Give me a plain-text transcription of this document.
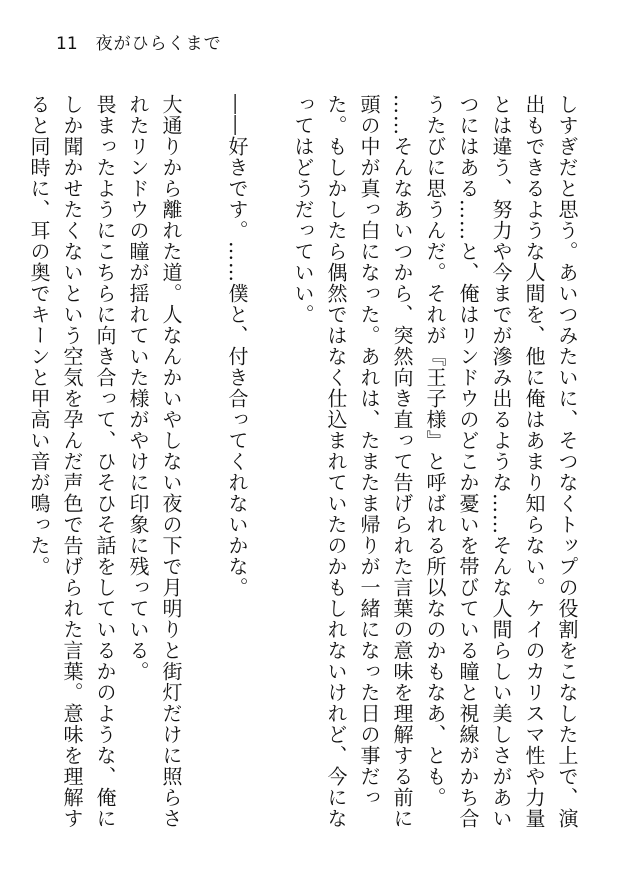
11 夜がひらくまで

しすぎだと思う。あいつみたいに、そつなくトップの役割をこなした上で、演出もできるような人間を、他に俺はあまり知らない。ケイのカリスマ性や力量とは違う、努力や今までが滲み出るような……そんな人間らしい美しさがあいつにはある……と、俺はリンドウのどこか憂いを帯びている瞳と視線がかち合うたびに思うんだ。それが『王子様』と呼ばれる所以なのかもなあ、とも。

……そんなあいつから、突然向き直って告げられた言葉の意味を理解する前に頭の中が真っ白になった。あれは、たまたま帰りが一緒になった日の事だった。もしかしたら偶然ではなく仕込まれていたのかもしれないけれど、今になってはどうだっていい。

――好きです。……僕と、付き合ってくれないかな。

大通りから離れた道。人なんかいやしない夜の下で月明りと街灯だけに照らされたリンドウの瞳が揺れていた様がやけに印象に残っている。

畏まったようにこちらに向き合って、ひそひそ話をしているかのような、俺にしか聞かせたくないという空気を孕んだ声色で告げられた言葉。意味を理解すると同時に、耳の奥でキーンと甲高い音が鳴った。
